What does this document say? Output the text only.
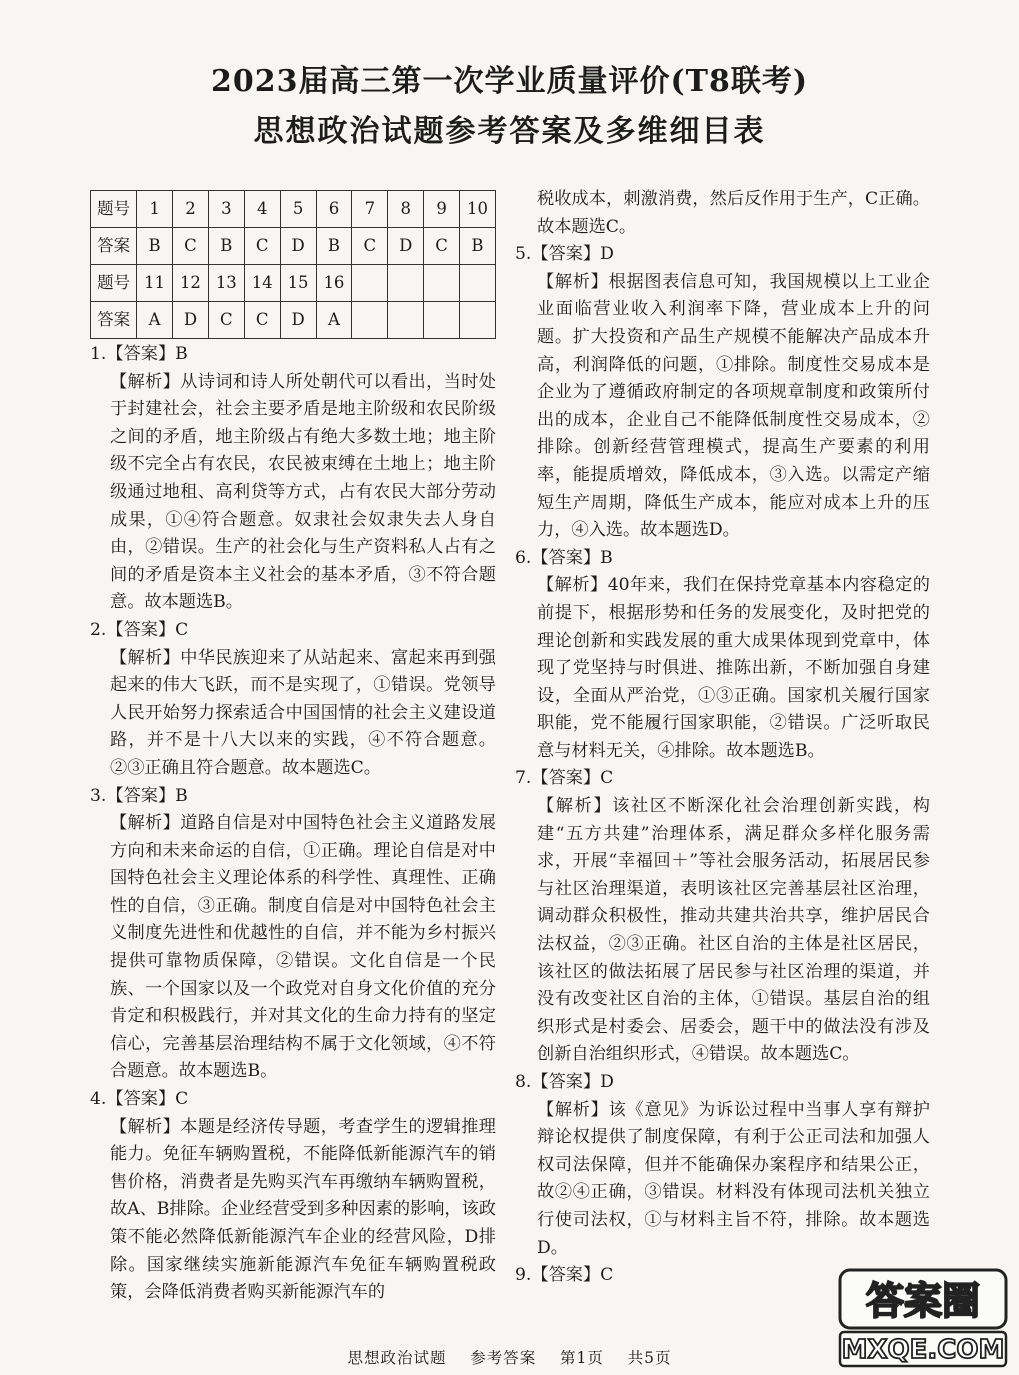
2023届高三第一次学业质量评价(T8联考)
思想政治试题参考答案及多维细目表
题号	1	2	3	4	5	6	7	8	9	10
答案	B	C	B	C	D	B	C	D	C	B
题号	11	12	13	14	15	16				
答案	A	D	C	C	D	A				

1.【答案】B

【解析】从诗词和诗人所处朝代可以看出，当时处于封建社会，社会主要矛盾是地主阶级和农民阶级之间的矛盾，地主阶级占有绝大多数土地；地主阶级不完全占有农民，农民被束缚在土地上；地主阶级通过地租、高利贷等方式，占有农民大部分劳动成果，①④符合题意。奴隶社会奴隶失去人身自由，②错误。生产的社会化与生产资料私人占有之间的矛盾是资本主义社会的基本矛盾，③不符合题意。故本题选B。

2.【答案】C

【解析】中华民族迎来了从站起来、富起来再到强起来的伟大飞跃，而不是实现了，①错误。党领导人民开始努力探索适合中国国情的社会主义建设道路，并不是十八大以来的实践，④不符合题意。②③正确且符合题意。故本题选C。

3.【答案】B

【解析】道路自信是对中国特色社会主义道路发展方向和未来命运的自信，①正确。理论自信是对中国特色社会主义理论体系的科学性、真理性、正确性的自信，③正确。制度自信是对中国特色社会主义制度先进性和优越性的自信，并不能为乡村振兴提供可靠物质保障，②错误。文化自信是一个民族、一个国家以及一个政党对自身文化价值的充分肯定和积极践行，并对其文化的生命力持有的坚定信心，完善基层治理结构不属于文化领域，④不符合题意。故本题选B。

4.【答案】C

【解析】本题是经济传导题，考查学生的逻辑推理能力。免征车辆购置税，不能降低新能源汽车的销售价格，消费者是先购买汽车再缴纳车辆购置税，故A、B排除。企业经营受到多种因素的影响，该政策不能必然降低新能源汽车企业的经营风险，D排除。国家继续实施新能源汽车免征车辆购置税政策，会降低消费者购买新能源汽车的

税收成本，刺激消费，然后反作用于生产，C正确。故本题选C。

5.【答案】D

【解析】根据图表信息可知，我国规模以上工业企业面临营业收入利润率下降，营业成本上升的问题。扩大投资和产品生产规模不能解决产品成本升高，利润降低的问题，①排除。制度性交易成本是企业为了遵循政府制定的各项规章制度和政策所付出的成本，企业自己不能降低制度性交易成本，②排除。创新经营管理模式，提高生产要素的利用率，能提质增效，降低成本，③入选。以需定产缩短生产周期，降低生产成本，能应对成本上升的压力，④入选。故本题选D。

6.【答案】B

【解析】40年来，我们在保持党章基本内容稳定的前提下，根据形势和任务的发展变化，及时把党的理论创新和实践发展的重大成果体现到党章中，体现了党坚持与时俱进、推陈出新，不断加强自身建设，全面从严治党，①③正确。国家机关履行国家职能，党不能履行国家职能，②错误。广泛听取民意与材料无关，④排除。故本题选B。

7.【答案】C

【解析】该社区不断深化社会治理创新实践，构建“五方共建”治理体系，满足群众多样化服务需求，开展“幸福回＋”等社会服务活动，拓展居民参与社区治理渠道，表明该社区完善基层社区治理，调动群众积极性，推动共建共治共享，维护居民合法权益，②③正确。社区自治的主体是社区居民，该社区的做法拓展了居民参与社区治理的渠道，并没有改变社区自治的主体，①错误。基层自治的组织形式是村委会、居委会，题干中的做法没有涉及创新自治组织形式，④错误。故本题选C。

8.【答案】D

【解析】该《意见》为诉讼过程中当事人享有辩护辩论权提供了制度保障，有利于公正司法和加强人权司法保障，但并不能确保办案程序和结果公正，故②④正确，③错误。材料没有体现司法机关独立行使司法权，①与材料主旨不符，排除。故本题选D。

9.【答案】C

思想政治试题 参考答案 第1页 共5页
答案圈
MXQE.COM
